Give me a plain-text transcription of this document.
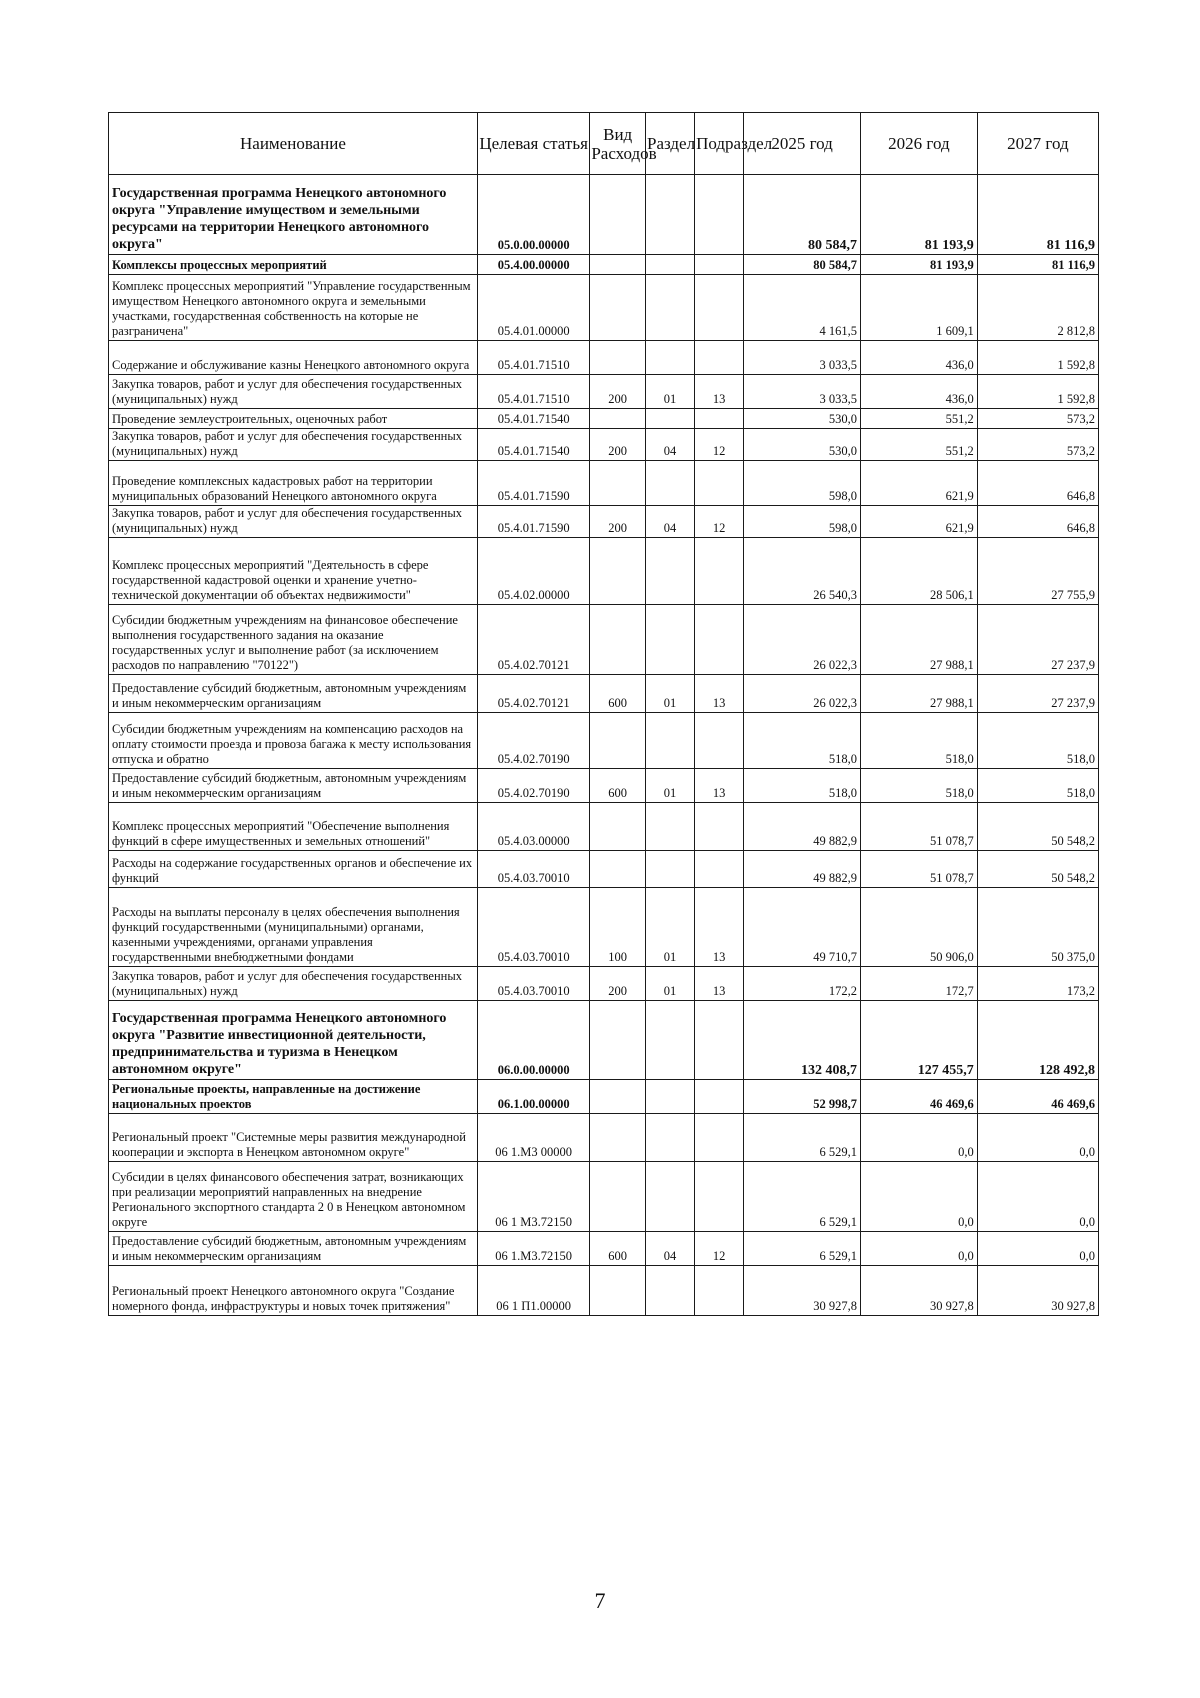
Наименование	Целевая статья	Вид Расходов	Раздел	Подраздел	2025 год	2026 год	2027 год
Государственная программа Ненецкого автономного округа "Управление имуществом и земельными ресурсами на территории Ненецкого автономного округа"	05.0.00.00000				80 584,7	81 193,9	81 116,9
Комплексы процессных мероприятий	05.4.00.00000				80 584,7	81 193,9	81 116,9
Комплекс процессных мероприятий "Управление государственным имуществом Ненецкого автономного округа и земельными участками, государственная собственность на которые не разграничена"	05.4.01.00000				4 161,5	1 609,1	2 812,8
Содержание и обслуживание казны Ненецкого автономного округа	05.4.01.71510				3 033,5	436,0	1 592,8
Закупка товаров, работ и услуг для обеспечения государственных (муниципальных) нужд	05.4.01.71510	200	01	13	3 033,5	436,0	1 592,8
Проведение землеустроительных, оценочных работ	05.4.01.71540				530,0	551,2	573,2
Закупка товаров, работ и услуг для обеспечения государственных (муниципальных) нужд	05.4.01.71540	200	04	12	530,0	551,2	573,2
Проведение комплексных кадастровых работ на территории муниципальных образований Ненецкого автономного округа	05.4.01.71590				598,0	621,9	646,8
Закупка товаров, работ и услуг для обеспечения государственных (муниципальных) нужд	05.4.01.71590	200	04	12	598,0	621,9	646,8
Комплекс процессных мероприятий "Деятельность в сфере государственной кадастровой оценки и хранение учетно-технической документации об объектах недвижимости"	05.4.02.00000				26 540,3	28 506,1	27 755,9
Субсидии бюджетным учреждениям на финансовое обеспечение выполнения государственного задания на оказание государственных услуг и выполнение работ (за исключением расходов по направлению "70122")	05.4.02.70121				26 022,3	27 988,1	27 237,9
Предоставление субсидий бюджетным, автономным учреждениям и иным некоммерческим организациям	05.4.02.70121	600	01	13	26 022,3	27 988,1	27 237,9
Субсидии бюджетным учреждениям на компенсацию расходов на оплату стоимости проезда и провоза багажа к месту использования отпуска и обратно	05.4.02.70190				518,0	518,0	518,0
Предоставление субсидий бюджетным, автономным учреждениям и иным некоммерческим организациям	05.4.02.70190	600	01	13	518,0	518,0	518,0
Комплекс процессных мероприятий "Обеспечение выполнения функций в сфере имущественных и земельных отношений"	05.4.03.00000				49 882,9	51 078,7	50 548,2
Расходы на содержание государственных органов и обеспечение их функций	05.4.03.70010				49 882,9	51 078,7	50 548,2
Расходы на выплаты персоналу в целях обеспечения выполнения функций государственными (муниципальными) органами, казенными учреждениями, органами управления государственными внебюджетными фондами	05.4.03.70010	100	01	13	49 710,7	50 906,0	50 375,0
Закупка товаров, работ и услуг для обеспечения государственных (муниципальных) нужд	05.4.03.70010	200	01	13	172,2	172,7	173,2
Государственная программа Ненецкого автономного округа "Развитие инвестиционной деятельности, предпринимательства и туризма в Ненецком автономном округе"	06.0.00.00000				132 408,7	127 455,7	128 492,8
Региональные проекты, направленные на достижение национальных проектов	06.1.00.00000				52 998,7	46 469,6	46 469,6
Региональный проект "Системные меры развития международной кооперации и экспорта в Ненецком автономном округе"	06 1.М3 00000				6 529,1	0,0	0,0
Субсидии в целях финансового обеспечения затрат, возникающих при реализации мероприятий направленных на внедрение Регионального экспортного стандарта 2 0 в Ненецком автономном округе	06 1 М3.72150				6 529,1	0,0	0,0
Предоставление субсидий бюджетным, автономным учреждениям и иным некоммерческим организациям	06 1.М3.72150	600	04	12	6 529,1	0,0	0,0
Региональный проект Ненецкого автономного округа "Создание номерного фонда, инфраструктуры и новых точек притяжения"	06 1 П1.00000				30 927,8	30 927,8	30 927,8
7
